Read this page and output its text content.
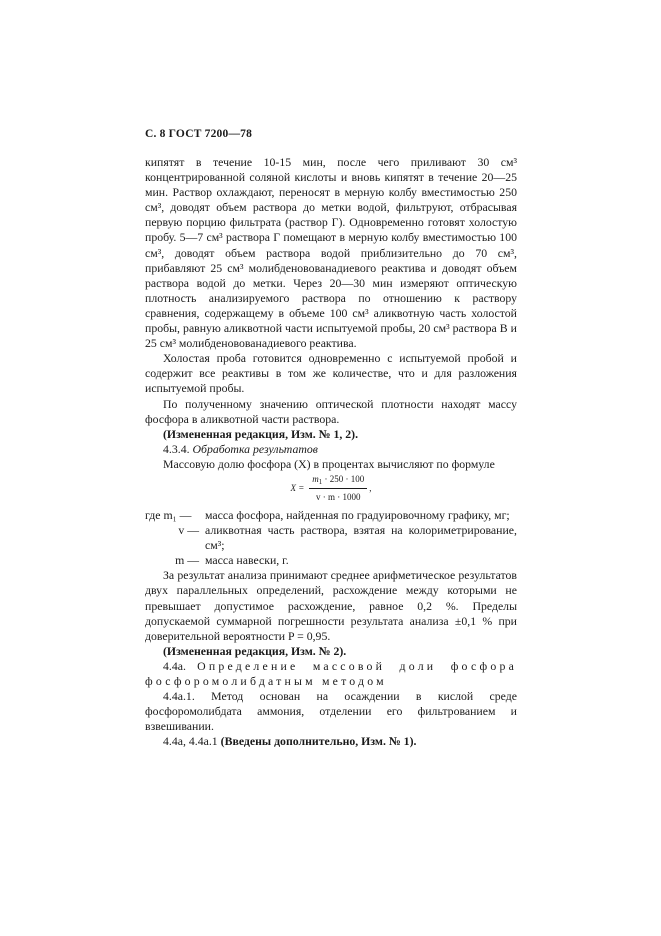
С. 8 ГОСТ 7200—78

кипятят в течение 10-15 мин, после чего приливают 30 см³ концентрированной соляной кислоты и вновь кипятят в течение 20—25 мин. Раствор охлаждают, переносят в мерную колбу вместимостью 250 см³, доводят объем раствора до метки водой, фильтруют, отбрасывая первую порцию фильтрата (раствор Г). Одновременно готовят холостую пробу. 5—7 см³ раствора Г помещают в мерную колбу вместимостью 100 см³, доводят объем раствора водой приблизительно до 70 см³, прибавляют 25 см³ молибденовованадиевого реактива и доводят объем раствора водой до метки. Через 20—30 мин измеряют оптическую плотность анализируемого раствора по отношению к раствору сравнения, содержащему в объеме 100 см³ аликвотную часть холостой пробы, равную аликвотной части испытуемой пробы, 20 см³ раствора В и 25 см³ молибденовованадиевого реактива.

Холостая проба готовится одновременно с испытуемой пробой и содержит все реактивы в том же количестве, что и для разложения испытуемой пробы.

По полученному значению оптической плотности находят массу фосфора в аликвотной части раствора.

(Измененная редакция, Изм. № 1, 2).

4.3.4. Обработка результатов

Массовую долю фосфора (X) в процентах вычисляют по формуле

$X = \frac{m_1 \cdot 250 \cdot 100}{v \cdot m \cdot 1000}$ ,
где m₁ —	масса фосфора, найденная по градуировочному графику, мг;
v — аликвотная часть раствора, взятая на колориметрирование, см³;
m — масса навески, г.

За результат анализа принимают среднее арифметическое результатов двух параллельных определений, расхождение между которыми не превышает допустимое расхождение, равное 0,2 %. Пределы допускаемой суммарной погрешности результата анализа ±0,1 % при доверительной вероятности P = 0,95.

(Измененная редакция, Изм. № 2).

4.4а. Определение массовой доли фосфора фосфоромолибдатным методом

4.4а.1. Метод основан на осаждении в кислой среде фосфоромолибдата аммония, отделении его фильтрованием и взвешивании.

4.4а, 4.4а.1 (Введены дополнительно, Изм. № 1).
